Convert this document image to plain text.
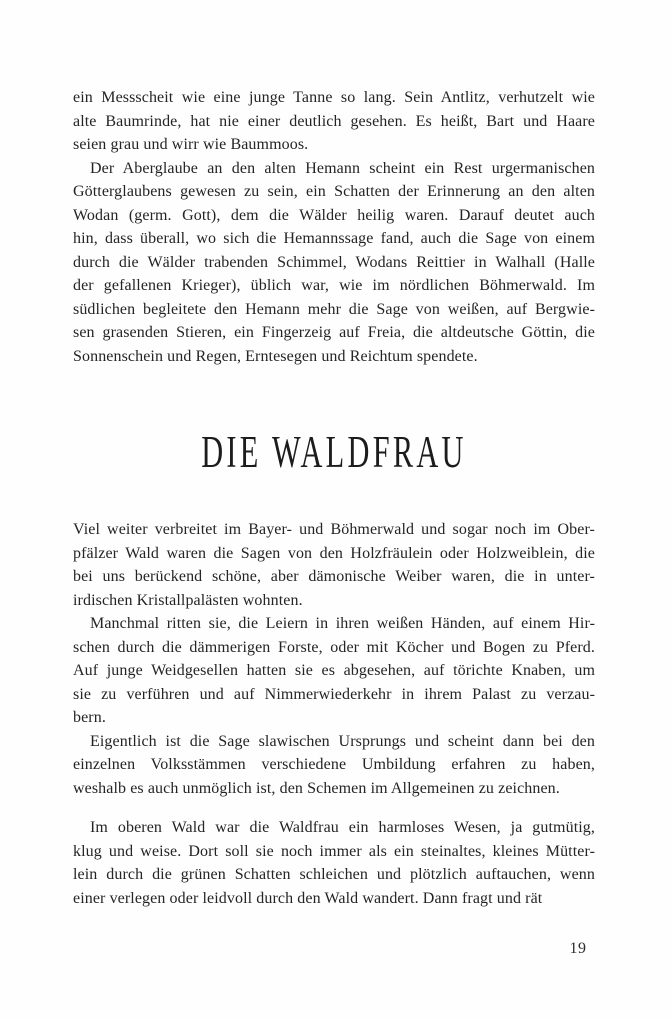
ein Messscheit wie eine junge Tanne so lang. Sein Antlitz, verhutzelt wie
alte Baumrinde, hat nie einer deutlich gesehen. Es heißt, Bart und Haare
seien grau und wirr wie Baummoos.
Der Aberglaube an den alten Hemann scheint ein Rest urgermanischen
Götterglaubens gewesen zu sein, ein Schatten der Erinnerung an den alten
Wodan (germ. Gott), dem die Wälder heilig waren. Darauf deutet auch
hin, dass überall, wo sich die Hemannssage fand, auch die Sage von einem
durch die Wälder trabenden Schimmel, Wodans Reittier in Walhall (Halle
der gefallenen Krieger), üblich war, wie im nördlichen Böhmerwald. Im
südlichen begleitete den Hemann mehr die Sage von weißen, auf Bergwie-
sen grasenden Stieren, ein Fingerzeig auf Freia, die altdeutsche Göttin, die
Sonnenschein und Regen, Erntesegen und Reichtum spendete.
DIE WALDFRAU
Viel weiter verbreitet im Bayer- und Böhmerwald und sogar noch im Ober-
pfälzer Wald waren die Sagen von den Holzfräulein oder Holzweiblein, die
bei uns berückend schöne, aber dämonische Weiber waren, die in unter-
irdischen Kristallpalästen wohnten.
Manchmal ritten sie, die Leiern in ihren weißen Händen, auf einem Hir-
schen durch die dämmerigen Forste, oder mit Köcher und Bogen zu Pferd.
Auf junge Weidgesellen hatten sie es abgesehen, auf törichte Knaben, um
sie zu verführen und auf Nimmerwiederkehr in ihrem Palast zu verzau-
bern.
Eigentlich ist die Sage slawischen Ursprungs und scheint dann bei den
einzelnen Volksstämmen verschiedene Umbildung erfahren zu haben,
weshalb es auch unmöglich ist, den Schemen im Allgemeinen zu zeichnen.
Im oberen Wald war die Waldfrau ein harmloses Wesen, ja gutmütig,
klug und weise. Dort soll sie noch immer als ein steinaltes, kleines Mütter-
lein durch die grünen Schatten schleichen und plötzlich auftauchen, wenn
einer verlegen oder leidvoll durch den Wald wandert. Dann fragt und rät
19
